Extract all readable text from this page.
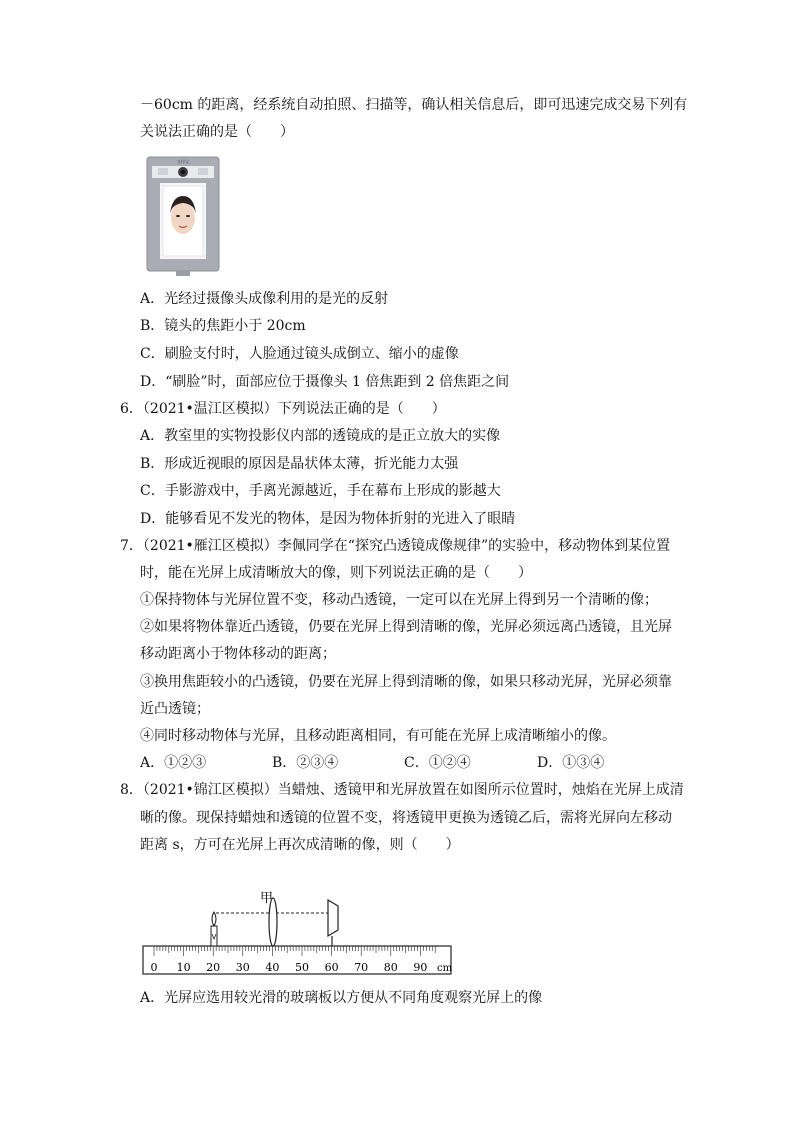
－60cm 的距离，经系统自动拍照、扫描等，确认相关信息后，即可迅速完成交易下列有
关说法正确的是（　　）
支付宝
A．光经过摄像头成像利用的是光的反射
B．镜头的焦距小于 20cm
C．刷脸支付时，人脸通过镜头成倒立、缩小的虚像
D．“刷脸”时，面部应位于摄像头 1 倍焦距到 2 倍焦距之间
6．（2021•温江区模拟）下列说法正确的是（　　）
A．教室里的实物投影仪内部的透镜成的是正立放大的实像
B．形成近视眼的原因是晶状体太薄，折光能力太强
C．手影游戏中，手离光源越近，手在幕布上形成的影越大
D．能够看见不发光的物体，是因为物体折射的光进入了眼睛
7．（2021•雁江区模拟）李佩同学在“探究凸透镜成像规律”的实验中，移动物体到某位置
时，能在光屏上成清晰放大的像，则下列说法正确的是（　　）
①保持物体与光屏位置不变，移动凸透镜，一定可以在光屏上得到另一个清晰的像；
②如果将物体靠近凸透镜，仍要在光屏上得到清晰的像，光屏必须远离凸透镜，且光屏
移动距离小于物体移动的距离；
③换用焦距较小的凸透镜，仍要在光屏上得到清晰的像，如果只移动光屏，光屏必须靠
近凸透镜；
④同时移动物体与光屏，且移动距离相同，有可能在光屏上成清晰缩小的像。
A．①②③	B．②③④	C．①②④	D．①③④
8．（2021•锦江区模拟）当蜡烛、透镜甲和光屏放置在如图所示位置时，烛焰在光屏上成清
晰的像。现保持蜡烛和透镜的位置不变，将透镜甲更换为透镜乙后，需将光屏向左移动
距离 s，方可在光屏上再次成清晰的像，则（　　）
0 10 20 30 40 50 60 70 80 90 cm
甲
A．光屏应选用较光滑的玻璃板以方便从不同角度观察光屏上的像
